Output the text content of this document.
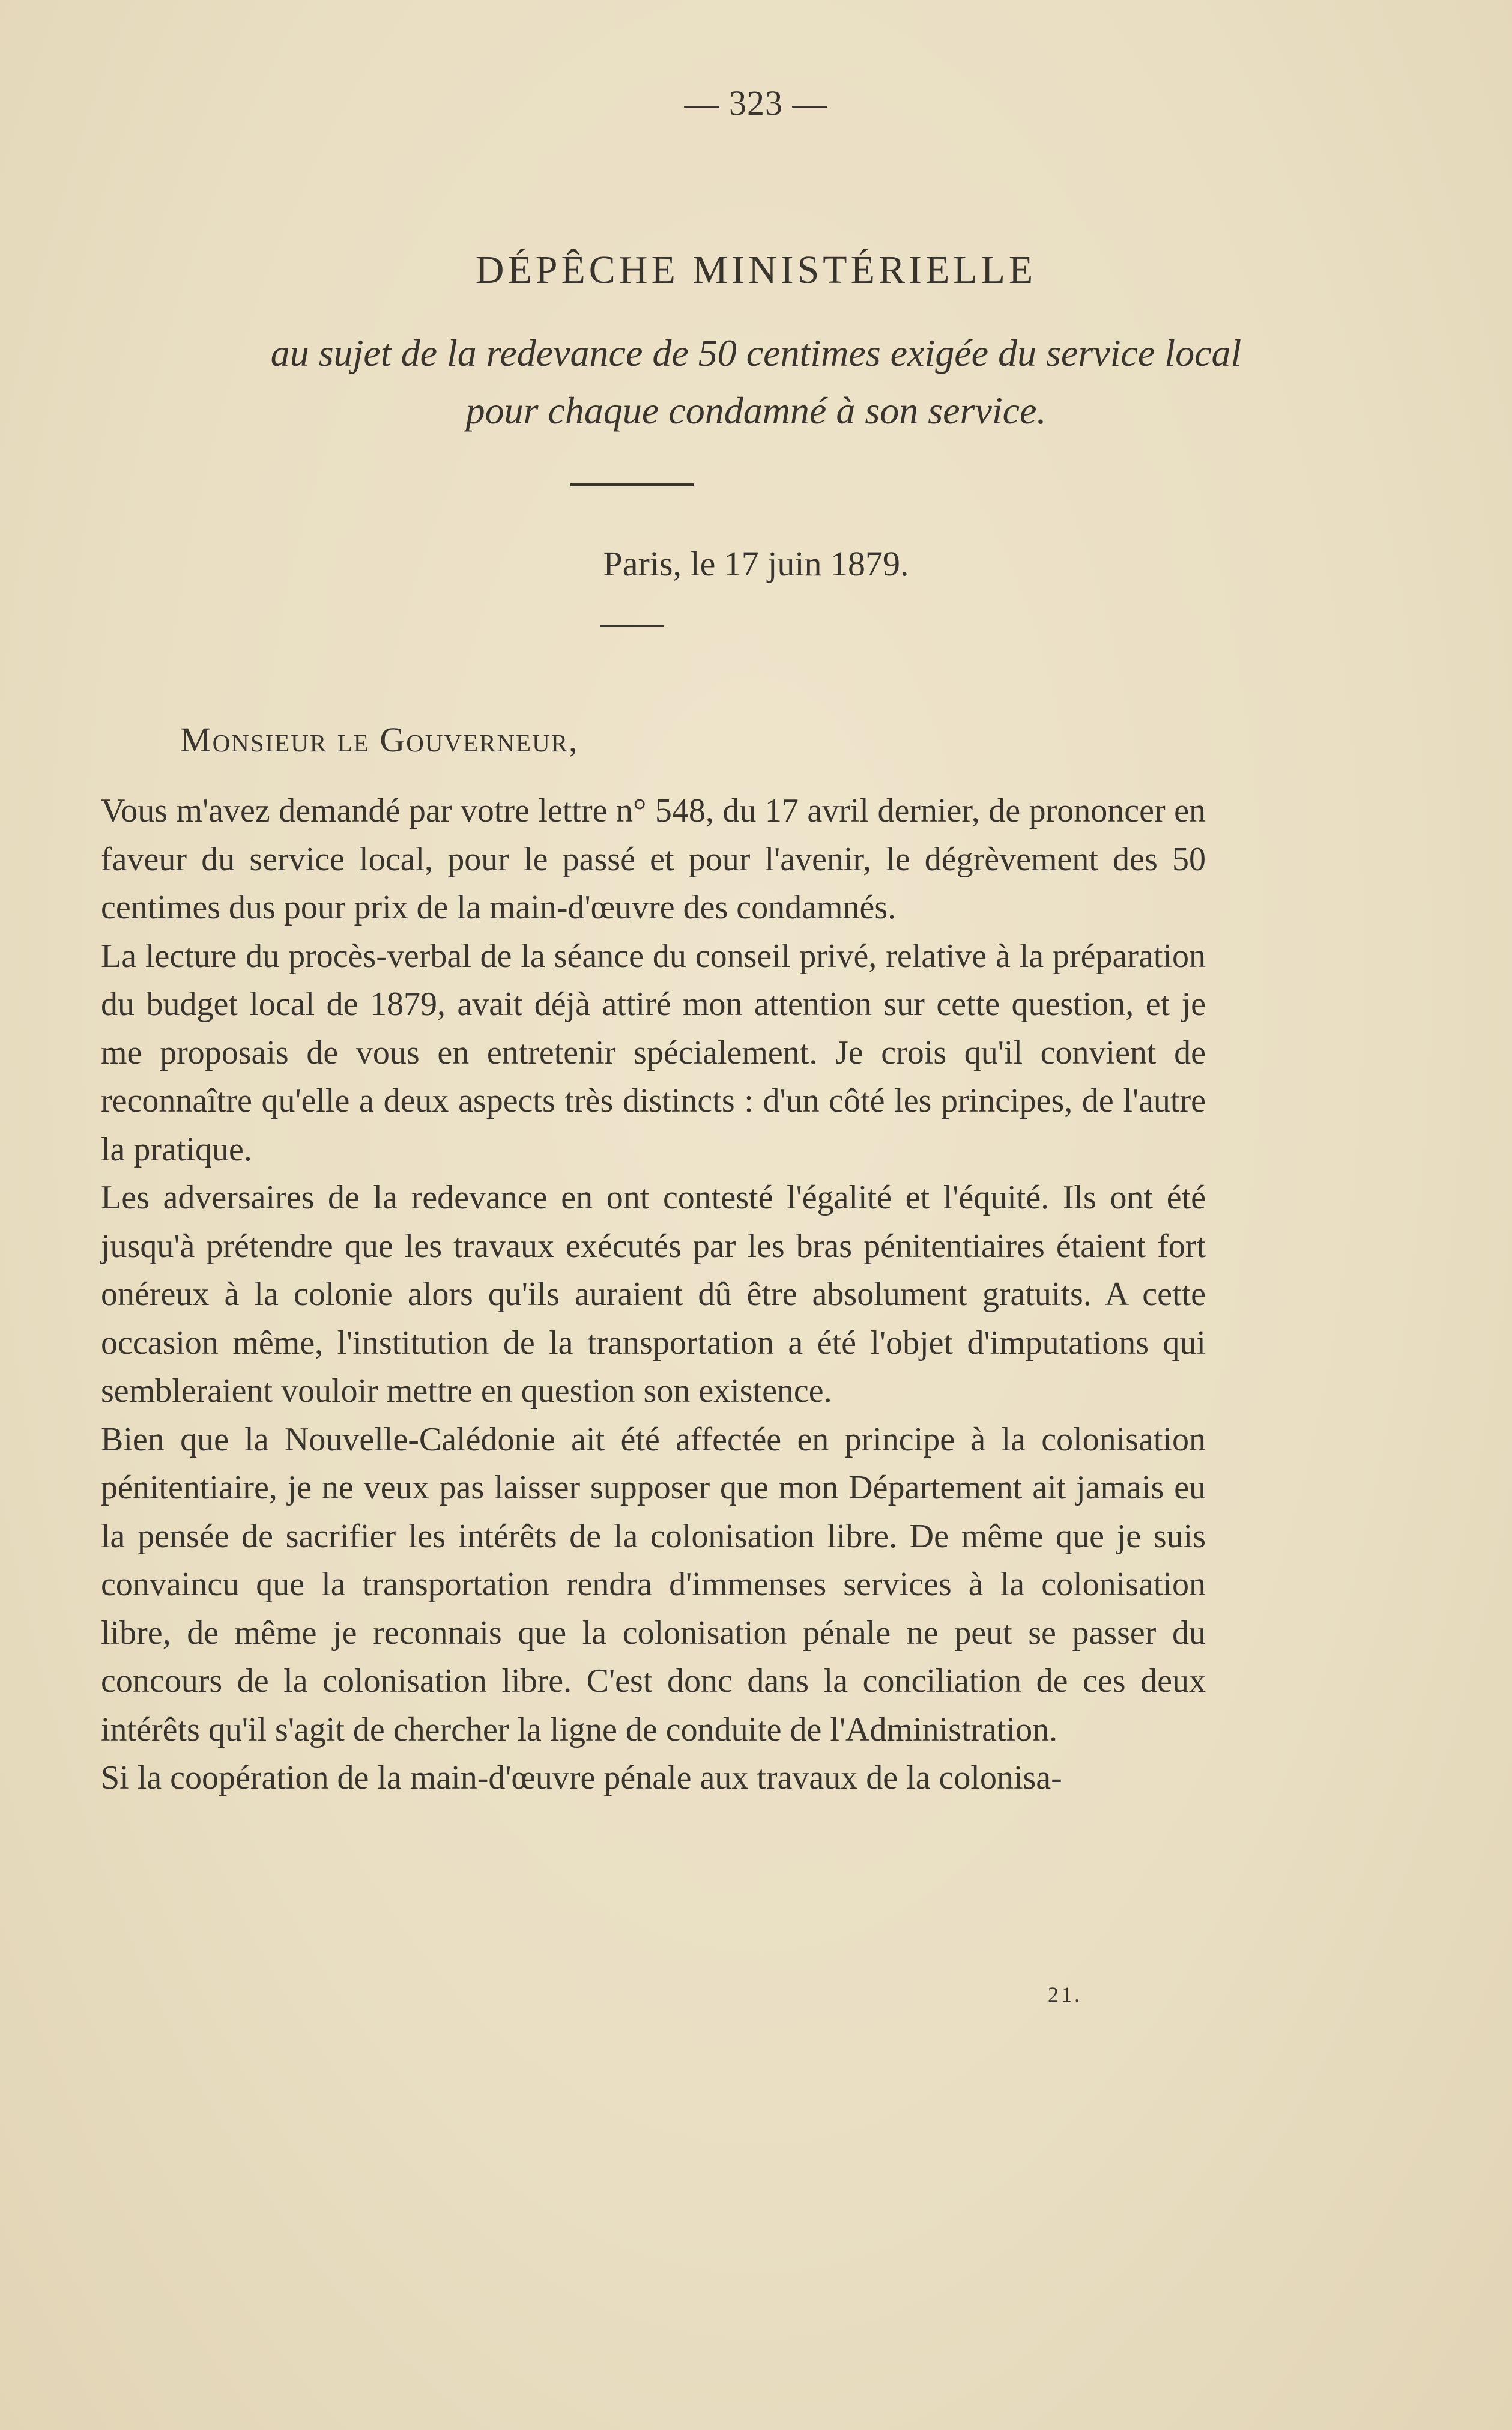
— 323 —
DÉPÊCHE MINISTÉRIELLE
au sujet de la redevance de 50 centimes exigée du service local
pour chaque condamné à son service.
Paris, le 17 juin 1879.
Monsieur le Gouverneur,

Vous m'avez demandé par votre lettre n° 548, du 17 avril dernier, de prononcer en faveur du service local, pour le passé et pour l'avenir, le dégrèvement des 50 centimes dus pour prix de la main-d'œuvre des condamnés.

La lecture du procès-verbal de la séance du conseil privé, relative à la préparation du budget local de 1879, avait déjà attiré mon attention sur cette question, et je me proposais de vous en entretenir spécialement. Je crois qu'il convient de reconnaître qu'elle a deux aspects très distincts : d'un côté les principes, de l'autre la pratique.

Les adversaires de la redevance en ont contesté l'égalité et l'équité. Ils ont été jusqu'à prétendre que les travaux exécutés par les bras pénitentiaires étaient fort onéreux à la colonie alors qu'ils auraient dû être absolument gratuits. A cette occasion même, l'institution de la transportation a été l'objet d'imputations qui sembleraient vouloir mettre en question son existence.

Bien que la Nouvelle-Calédonie ait été affectée en principe à la colonisation pénitentiaire, je ne veux pas laisser supposer que mon Département ait jamais eu la pensée de sacrifier les intérêts de la colonisation libre. De même que je suis convaincu que la transportation rendra d'immenses services à la colonisation libre, de même je reconnais que la colonisation pénale ne peut se passer du concours de la colonisation libre. C'est donc dans la conciliation de ces deux intérêts qu'il s'agit de chercher la ligne de conduite de l'Administration.

Si la coopération de la main-d'œuvre pénale aux travaux de la colonisa-

21.
